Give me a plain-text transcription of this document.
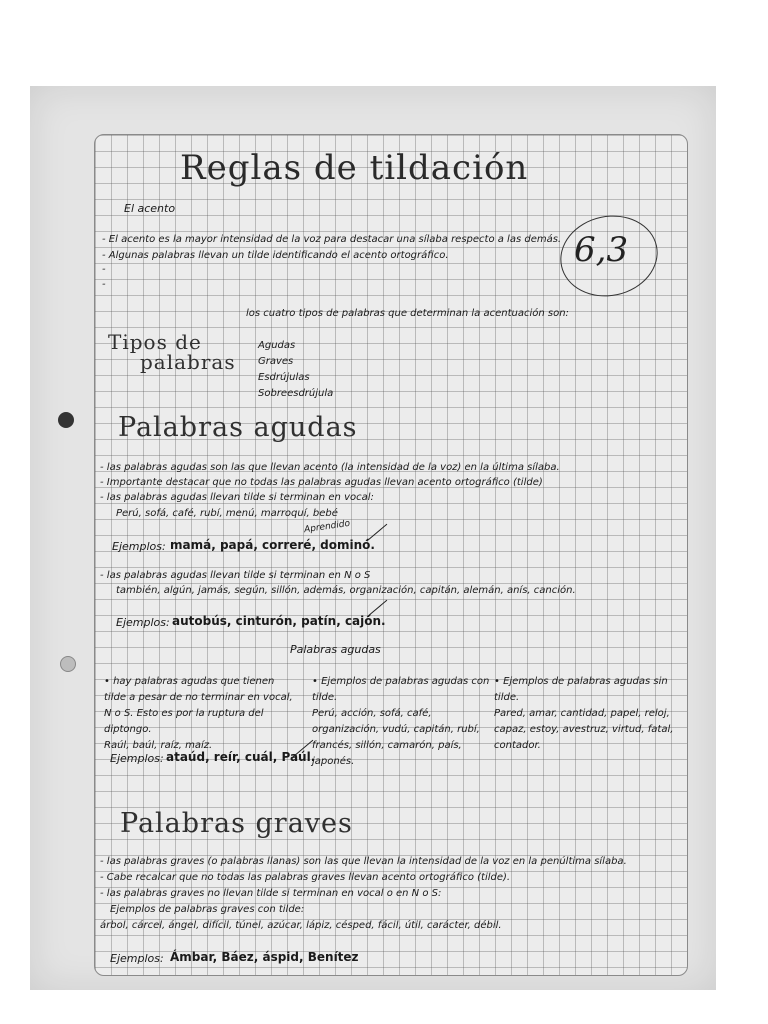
Reglas de tildación
6,3
El acento
- El acento es la mayor intensidad de la voz para destacar una sílaba respecto a las demás.
- Algunas palabras llevan un tilde identificando el acento ortográfico.
-
-
los cuatro tipos de palabras que determinan la acentuación son:
Tipos de
palabras
Agudas
Graves
Esdrújulas
Sobreesdrújula
Palabras agudas
- las palabras agudas son las que llevan acento (la intensidad de la voz) en la última sílaba.
- Importante destacar que no todas las palabras agudas llevan acento ortográfico (tilde)
- las palabras agudas llevan tilde si terminan en vocal:
Perú, sofá, café, rubí, menú, marroquí, bebé
Aprendido
Ejemplos: mamá, papá, correré, dominó.
- las palabras agudas llevan tilde si terminan en N o S
también, algún, jamás, según, sillón, además, organización, capitán, alemán, anís, canción.
Ejemplos: autobús, cinturón, patín, cajón.
Palabras agudas
• hay palabras agudas que tienen tilde a pesar de no terminar en vocal, N o S. Esto es por la ruptura del diptongo.
Raúl, baúl, raíz, maíz.
Ejemplos: ataúd, reír, cuál, Paúl.
• Ejemplos de palabras agudas con tilde.
Perú, acción, sofá, café, organización, vudú, capitán, rubí, francés, sillón, camarón, país, japonés.
• Ejemplos de palabras agudas sin tilde.
Pared, amar, cantidad, papel, reloj, capaz, estoy, avestruz, virtud, fatal, contador.
Palabras graves
- las palabras graves (o palabras llanas) son las que llevan la intensidad de la voz en la penúltima sílaba.
- Cabe recalcar que no todas las palabras graves llevan acento ortográfico (tilde).
- las palabras graves no llevan tilde si terminan en vocal o en N o S:
Ejemplos de palabras graves con tilde:
árbol, cárcel, ángel, difícil, túnel, azúcar, lápiz, césped, fácil, útil, carácter, débil.
Ejemplos: Ámbar, Báez, áspid, Benítez
